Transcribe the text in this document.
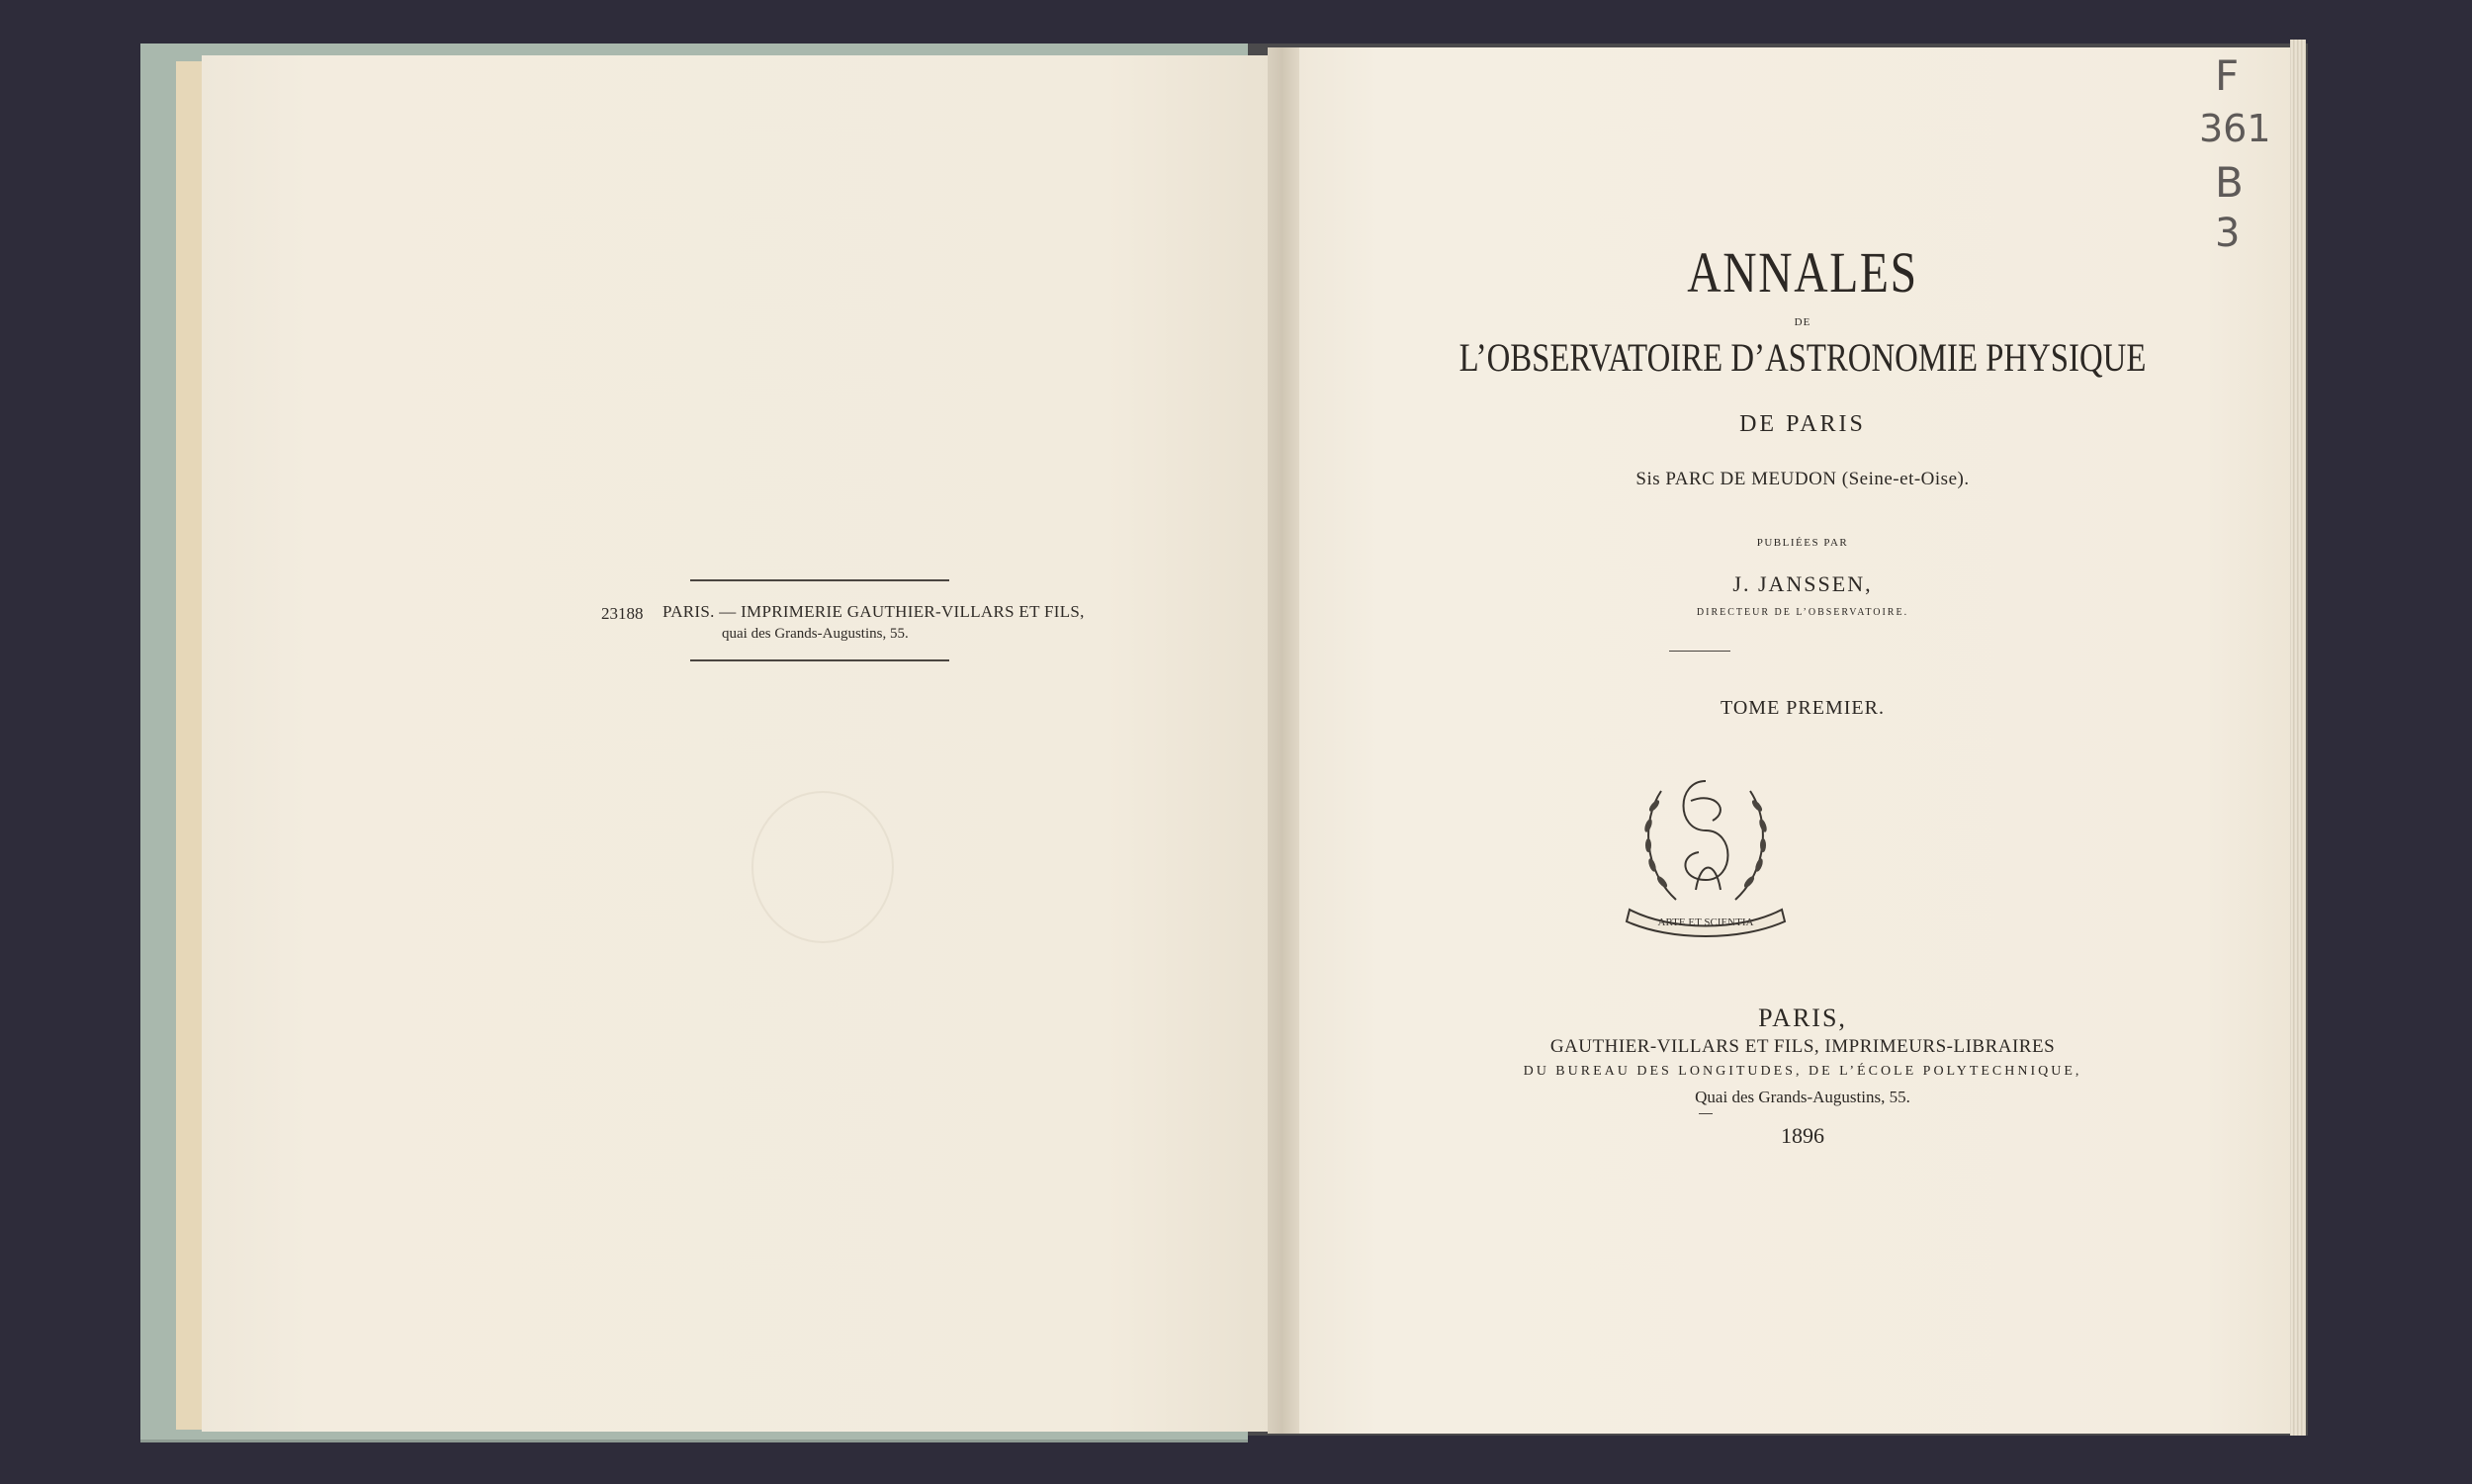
23188 PARIS. — IMPRIMERIE GAUTHIER-VILLARS ET FILS,
quai des Grands-Augustins, 55.
ANNALES
DE
L’OBSERVATOIRE D’ASTRONOMIE PHYSIQUE
DE PARIS
Sis PARC DE MEUDON (Seine-et-Oise).
PUBLIÉES PAR
J. JANSSEN,
DIRECTEUR DE L’OBSERVATOIRE.
TOME PREMIER.
ARTE ET SCIENTIA
PARIS,
GAUTHIER-VILLARS ET FILS, IMPRIMEURS-LIBRAIRES
DU BUREAU DES LONGITUDES, DE L’ÉCOLE POLYTECHNIQUE,
Quai des Grands-Augustins, 55.
1896
F
361
B
3
